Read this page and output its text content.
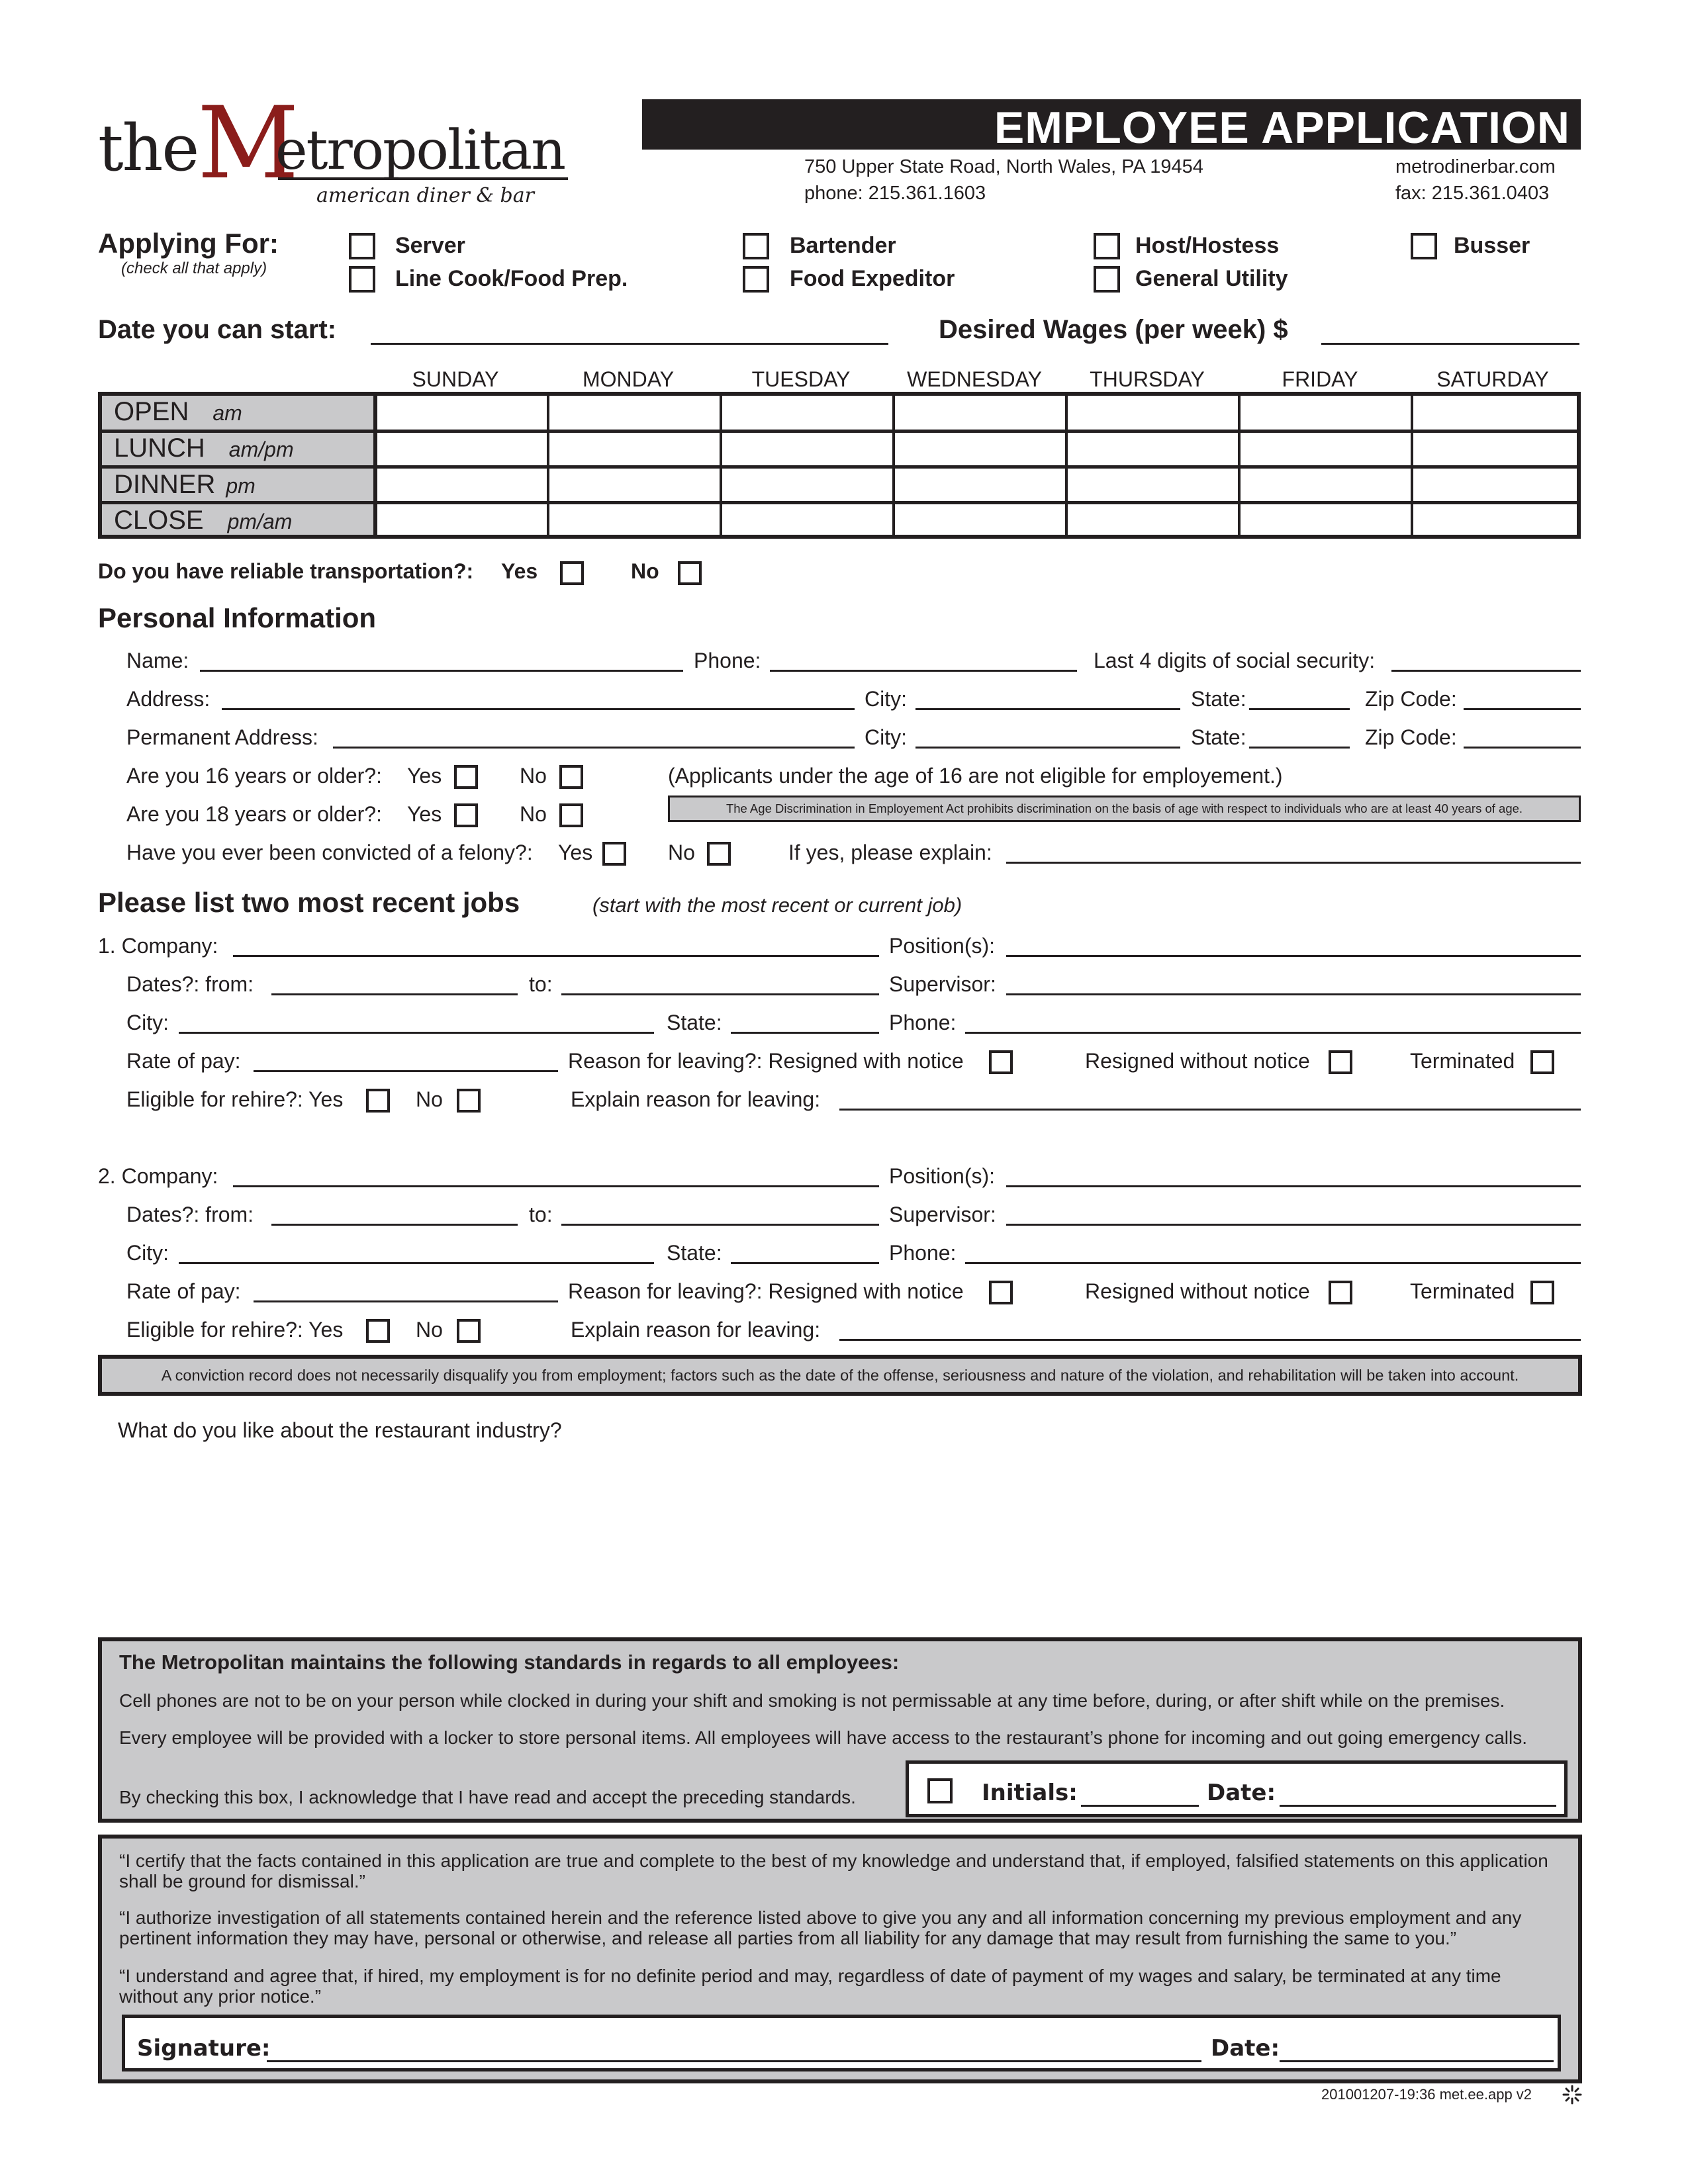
the
M
etropolitan
american diner & bar
EMPLOYEE APPLICATION
750 Upper State Road, North Wales, PA 19454
phone: 215.361.1603
metrodinerbar.com
fax: 215.361.0403
Applying For:
(check all that apply)
Server
Line Cook/Food Prep.
Bartender
Food Expeditor
Host/Hostess
General Utility
Busser
Date you can start:	Desired Wages (per week) $
SUNDAY	MONDAY	TUESDAY	WEDNESDAY	THURSDAY	FRIDAY	SATURDAY
OPEN am
LUNCH am/pm
DINNER pm
CLOSE pm/am
Do you have reliable transportation?: Yes	No
Personal Information
Name:	Phone:	Last 4 digits of social security:
Address:	City:	State:	Zip Code:
Permanent Address:	City:	State:	Zip Code:
Are you 16 years or older?: Yes	No	(Applicants under the age of 16 are not eligible for employement.)
Are you 18 years or older?: Yes	No	The Age Discrimination in Employement Act prohibits discrimination on the basis of age with respect to individuals who are at least 40 years of age.
Have you ever been convicted of a felony?: Yes	No	If yes, please explain:
Please list two most recent jobs	(start with the most recent or current job)
1. Company:	Position(s):
Dates?: from:	to:	Supervisor:
City:	State:	Phone:
Rate of pay:	Reason for leaving?: Resigned with notice	Resigned without notice	Terminated
Eligible for rehire?: Yes	No	Explain reason for leaving:
2. Company:	Position(s):
Dates?: from:	to:	Supervisor:
City:	State:	Phone:
Rate of pay:	Reason for leaving?: Resigned with notice	Resigned without notice	Terminated
Eligible for rehire?: Yes	No	Explain reason for leaving:
A conviction record does not necessarily disqualify you from employment; factors such as the date of the offense, seriousness and nature of the violation, and rehabilitation will be taken into account.
What do you like about the restaurant industry?
The Metropolitan maintains the following standards in regards to all employees:
Cell phones are not to be on your person while clocked in during your shift and smoking is not permissable at any time before, during, or after shift while on the premises.
Every employee will be provided with a locker to store personal items. All employees will have access to the restaurant’s phone for incoming and out going emergency calls.
By checking this box, I acknowledge that I have read and accept the preceding standards.	Initials:	Date:
“I certify that the facts contained in this application are true and complete to the best of my knowledge and understand that, if employed, falsified statements on this application shall be ground for dismissal.”
“I authorize investigation of all statements contained herein and the reference listed above to give you any and all information concerning my previous employment and any pertinent information they may have, personal or otherwise, and release all parties from all liability for any damage that may result from furnishing the same to you.”
“I understand and agree that, if hired, my employment is for no definite period and may, regardless of date of payment of my wages and salary, be terminated at any time without any prior notice.”
Signature:	Date:
201001207-19:36 met.ee.app v2
